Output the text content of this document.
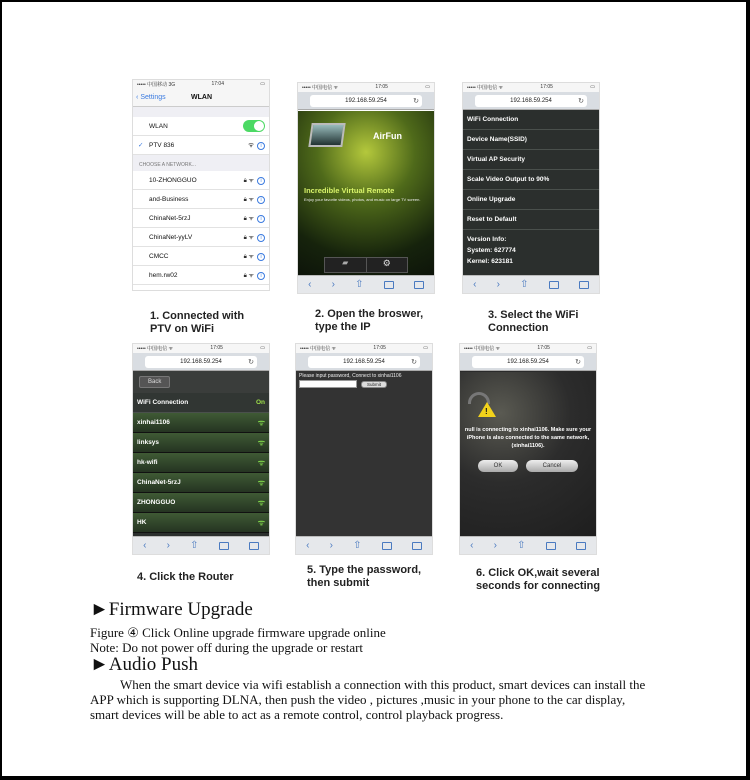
••••• 中国移动 3G	17:04	▭
‹ Settings	WLAN
WLAN
✓ PTV 836	ᯤ i
CHOOSE A NETWORK...
10-ZHONGGUO	🔒︎ ᯤ i
and-Business	🔒︎ ᯤ i
ChinaNet-5rzJ	🔒︎ ᯤ i
ChinaNet-yyLV	🔒︎ ᯤ i
CMCC	🔒︎ ᯤ i
hem.rw02	🔒︎ ᯤ i
••••• 中国电信 ᯤ	17:05	▭
192.168.59.254	↻
AirFun
Incredible Virtual Remote
Enjoy your favorite videos, photos, and music on large TV screen.
▰	⚙
‹ › ⇧
••••• 中国电信 ᯤ	17:05	▭
192.168.59.254	↻
WiFi Connection
Device Name(SSID)
Virtual AP Security
Scale Video Output to 90%
Online Upgrade
Reset to Default
Version Info:
System: 627774
Kernel: 623181
‹ › ⇧
1. Connected with
PTV on WiFi
2. Open the broswer,
type the IP
3. Select the WiFi
Connection
••••• 中国电信 ᯤ	17:05	▭
192.168.59.254	↻
Back
WiFi Connection	On
xinhai1106	ᯤ
linksys	ᯤ
hk-wifi	ᯤ
ChinaNet-5rzJ	ᯤ
ZHONGGUO	ᯤ
HK	ᯤ
‹ › ⇧
••••• 中国电信 ᯤ	17:05	▭
192.168.59.254	↻
Please input password, Connect to xinhai1106
Submit
‹ › ⇧
••••• 中国电信 ᯤ	17:05	▭
192.168.59.254	↻
!
null is connecting to xinhai1106. Make sure your iPhone is also connected to the same network, (xinhai1106).
OK	Cancel
‹ › ⇧
4. Click the Router
5. Type the password,
then submit
6. Click OK,wait several
seconds for connecting
►Firmware Upgrade
Figure ④ Click Online upgrade firmware upgrade online
Note: Do not power off during the upgrade or restart
►Audio Push
When the smart device via wifi establish a connection with this product, smart devices can install the APP which is supporting DLNA, then push the video , pictures ,music in your phone to the car display, smart devices will be able to act as a remote control, control playback progress.
